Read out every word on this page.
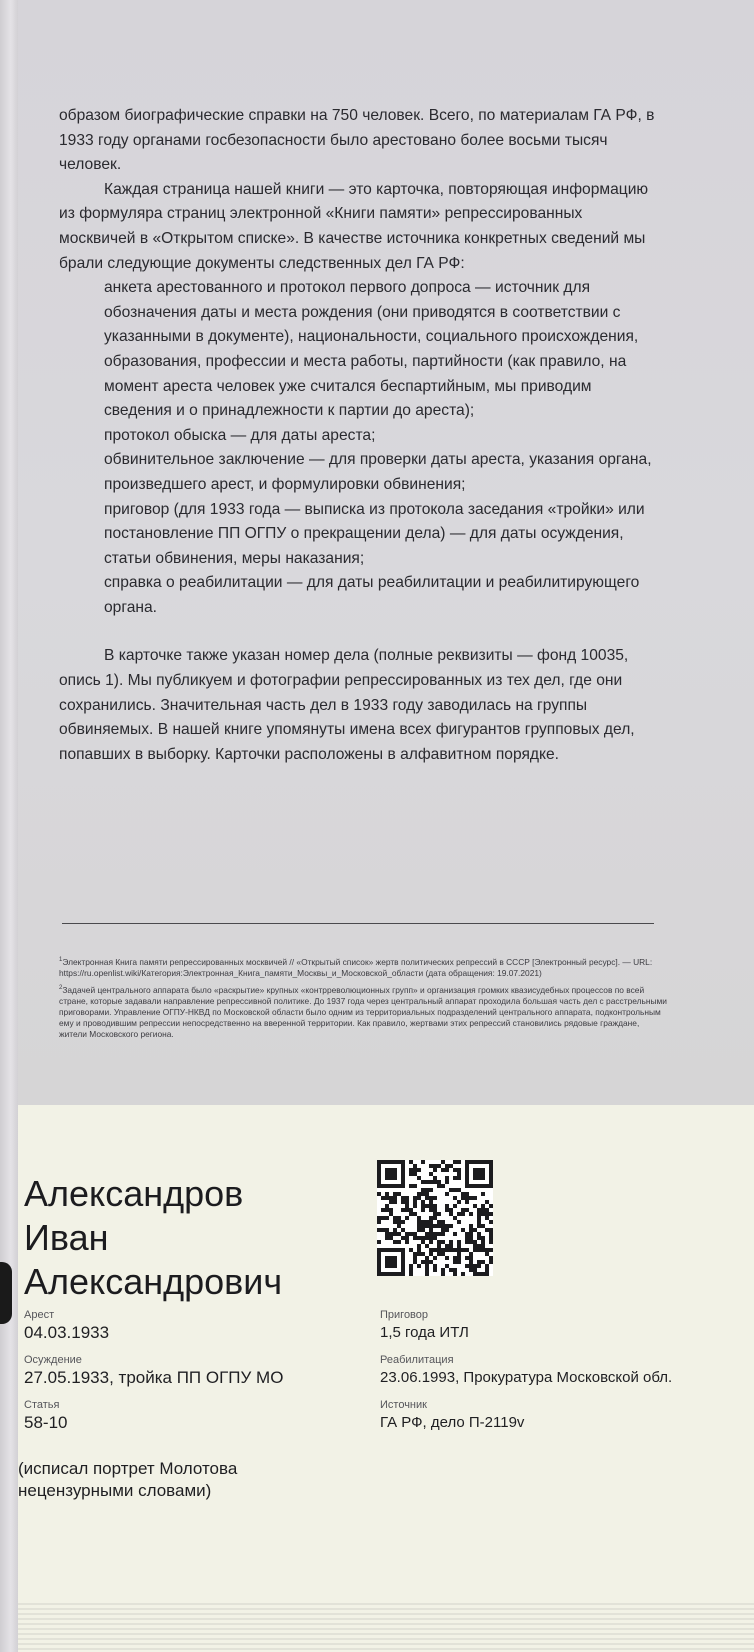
образом биографические справки на 750 человек. Всего, по материалам ГА РФ, в 1933 году органами госбезопасности было арестовано более восьми тысяч человек.

Каждая страница нашей книги — это карточка, повторяющая информацию из формуляра страниц электронной «Книги памяти» репрессированных москвичей в «Открытом списке». В качестве источника конкретных сведений мы брали следующие документы следственных дел ГА РФ:

анкета арестованного и протокол первого допроса — источник для обозначения даты и места рождения (они приводятся в соответствии с указанными в документе), национальности, социального происхождения, образования, профессии и места работы, партийности (как правило, на момент ареста человек уже считался беспартийным, мы приводим сведения и о принадлежности к партии до ареста);
протокол обыска — для даты ареста;
обвинительное заключение — для проверки даты ареста, указания органа, произведшего арест, и формулировки обвинения;
приговор (для 1933 года — выписка из протокола заседания «тройки» или постановление ПП ОГПУ о прекращении дела) — для даты осуждения, статьи обвинения, меры наказания;
справка о реабилитации — для даты реабилитации и реабилитирующего органа.

В карточке также указан номер дела (полные реквизиты — фонд 10035, опись 1). Мы публикуем и фотографии репрессированных из тех дел, где они сохранились. Значительная часть дел в 1933 году заводилась на группы обвиняемых. В нашей книге упомянуты имена всех фигурантов групповых дел, попавших в выборку. Карточки расположены в алфавитном порядке.

$^1$Электронная Книга памяти репрессированных москвичей // «Открытый список» жертв политических репрессий в СССР [Электронный ресурс]. — URL: https://ru.openlist.wiki/Категория:Электронная_Книга_памяти_Москвы_и_Московской_области (дата обращения: 19.07.2021)

$^2$Задачей центрального аппарата было «раскрытие» крупных «контрреволюционных групп» и организация громких квазисудебных процессов по всей стране, которые задавали направление репрессивной политике. До 1937 года через центральный аппарат проходила большая часть дел с расстрельными приговорами. Управление ОГПУ-НКВД по Московской области было одним из территориальных подразделений центрального аппарата, подконтрольным ему и проводившим репрессии непосредственно на вверенной территории. Как правило, жертвами этих репрессий становились рядовые граждане, жители Московского региона.

Александров
Иван
Александрович
Арест
04.03.1933
Осуждение
27.05.1933, тройка ПП ОГПУ МО
Статья
58-10
(исписал портрет Молотова нецензурными словами)
Приговор
1,5 года ИТЛ
Реабилитация
23.06.1993, Прокуратура Московской обл.
Источник
ГА РФ, дело П-2119v
